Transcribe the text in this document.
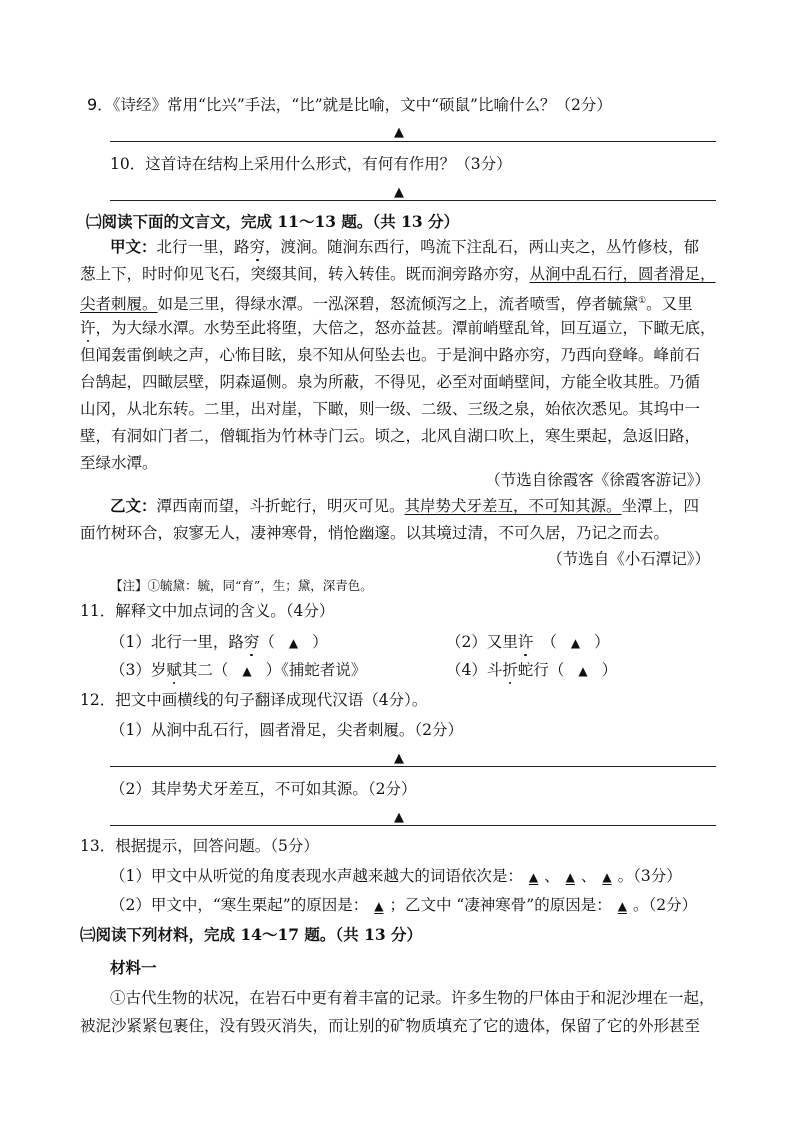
9．《诗经》常用“比兴”手法，“比”就是比喻，文中“硕鼠”比喻什么？（2分）
▲
10．这首诗在结构上采用什么形式，有何有作用？（3分）
▲
㈡阅读下面的文言文，完成 11～13 题。（共 13 分）
甲文：北行一里，路穷，渡涧。随涧东西行，鸣流下注乱石，两山夹之，丛竹修枝，郁
葱上下，时时仰见飞石，突缀其间，转入转佳。既而涧旁路亦穷，从涧中乱石行，圆者滑足，
尖者刺履。如是三里，得绿水潭。一泓深碧，怒流倾泻之上，流者喷雪，停者毓黛①。又里
许，为大绿水潭。水势至此将堕，大倍之，怒亦益甚。潭前峭壁乱耸，回互逼立，下瞰无底，
但闻轰雷倒峡之声，心怖目眩，泉不知从何坠去也。于是涧中路亦穷，乃西向登峰。峰前石
台鹄起，四瞰层壁，阴森逼侧。泉为所蔽，不得见，必至对面峭壁间，方能全收其胜。乃循
山冈，从北东转。二里，出对崖，下瞰，则一级、二级、三级之泉，始依次悉见。其坞中一
壁，有洞如门者二，僧辄指为竹林寺门云。顷之，北风自湖口吹上，寒生栗起，急返旧路，
至绿水潭。
（节选自徐霞客《徐霞客游记》）
乙文：潭西南而望，斗折蛇行，明灭可见。其岸势犬牙差互，不可知其源。坐潭上，四
面竹树环合，寂寥无人，凄神寒骨，悄怆幽邃。以其境过清，不可久居，乃记之而去。
（节选自《小石潭记》）
【注】①毓黛：毓，同“育”，生；黛，深青色。
11．解释文中加点词的含义。（4分）
（1）北行一里，路穷（ ▲ ）	（2）又里许 （ ▲ ）
（3）岁赋其二（ ▲ ）《捕蛇者说》	（4）斗折蛇行（ ▲ ）
12．把文中画横线的句子翻译成现代汉语（4分）。
（1）从涧中乱石行，圆者滑足，尖者刺履。（2分）
▲
（2）其岸势犬牙差互，不可如其源。（2分）
▲
13．根据提示，回答问题。（5分）
（1）甲文中从听觉的角度表现水声越来越大的词语依次是： ▲ 、 ▲ 、 ▲ 。（3分）
（2）甲文中，“寒生栗起”的原因是： ▲ ；乙文中 “凄神寒骨”的原因是： ▲ 。（2分）
㈢阅读下列材料，完成 14～17 题。（共 13 分）
材料一
①古代生物的状况，在岩石中更有着丰富的记录。许多生物的尸体由于和泥沙埋在一起，
被泥沙紧紧包裹住，没有毁灭消失，而让别的矿物质填充了它的遗体，保留了它的外形甚至
